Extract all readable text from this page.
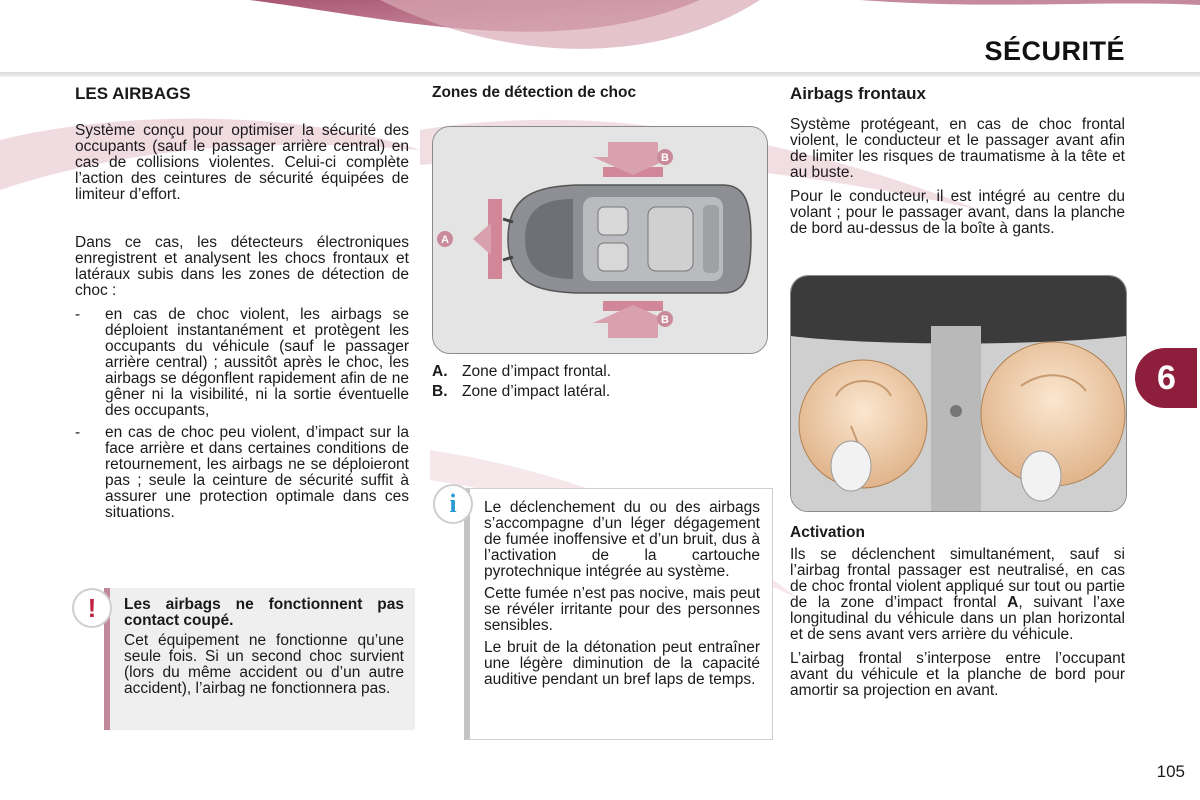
SÉCURITÉ
LES AIRBAGS

Système conçu pour optimiser la sécurité des occupants (sauf le passager arrière central) en cas de collisions violentes. Celui-ci complète l’action des ceintures de sécurité équipées de limiteur d’effort.

Dans ce cas, les détecteurs électroniques enregistrent et analysent les chocs frontaux et latéraux subis dans les zones de détection de choc :

- en cas de choc violent, les airbags se déploient instantanément et protègent les occupants du véhicule (sauf le passager arrière central) ; aussitôt après le choc, les airbags se dégonflent rapidement afin de ne gêner ni la visibilité, ni la sortie éventuelle des occupants,
- en cas de choc peu violent, d’impact sur la face arrière et dans certaines conditions de retournement, les airbags ne se déploieront pas ; seule la ceinture de sécurité suffit à assurer une protection optimale dans ces situations.
Les airbags ne fonctionnent pas contact coupé.
Cet équipement ne fonctionne qu’une seule fois. Si un second choc survient (lors du même accident ou d’un autre accident), l’airbag ne fonctionnera pas.
!
Zones de détection de choc
A
B
B
A. Zone d’impact frontal.
B. Zone d’impact latéral.

Le déclenchement du ou des airbags s’accompagne d’un léger dégagement de fumée inoffensive et d’un bruit, dus à l’activation de la cartouche pyrotechnique intégrée au système.

Cette fumée n’est pas nocive, mais peut se révéler irritante pour des personnes sensibles.

Le bruit de la détonation peut entraîner une légère diminution de la capacité auditive pendant un bref laps de temps.

i
Airbags frontaux

Système protégeant, en cas de choc frontal violent, le conducteur et le passager avant afin de limiter les risques de traumatisme à la tête et au buste.

Pour le conducteur, il est intégré au centre du volant ; pour le passager avant, dans la planche de bord au-dessus de la boîte à gants.

Activation

Ils se déclenchent simultanément, sauf si l’airbag frontal passager est neutralisé, en cas de choc frontal violent appliqué sur tout ou partie de la zone d’impact frontal A, suivant l’axe longitudinal du véhicule dans un plan horizontal et de sens avant vers arrière du véhicule.

L’airbag frontal s’interpose entre l’occupant avant du véhicule et la planche de bord pour amortir sa projection en avant.

6
105
